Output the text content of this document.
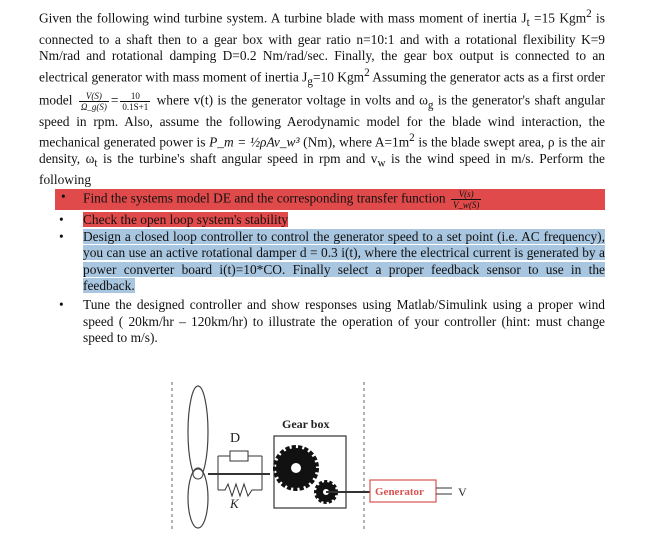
Given the following wind turbine system. A turbine blade with mass moment of inertia $J_t =15$ Kgm$^2$ is connected to a shaft then to a gear box with gear ratio n=10:1 and with a rotational flexibility K=9 Nm/rad and rotational damping D=0.2 Nm/rad/sec. Finally, the gear box output is connected to an electrical generator with mass moment of inertia $J_g=10$ Kgm$^2$ Assuming the generator acts as a first order model $\frac{V(S)}{\Omega\_g(S)} = \frac{10}{0.1S+1}$ where v(t) is the generator voltage in volts and $\omega_g$ is the generator's shaft angular speed in rpm. Also, assume the following Aerodynamic model for the blade wind interaction, the mechanical generated power is P_m = ½ρAv_w³ (Nm), where $A=1m^2$ is the blade swept area, ρ is the air density, $\omega_t$ is the turbine's shaft angular speed in rpm and $v_w$ is the wind speed in m/s. Perform the following

• Find the systems model DE and the corresponding transfer function $\frac{V(s)}{V\_w(S)}$
• Check the open loop system's stability
• Design a closed loop controller to control the generator speed to a set point (i.e. AC frequency), you can use an active rotational damper d = 0.3 i(t), where the electrical current is generated by a power converter board i(t)=10*CO. Finally select a proper feedback sensor to use in the feedback.
• Tune the designed controller and show responses using Matlab/Simulink using a proper wind speed ( 20km/hr – 120km/hr) to illustrate the operation of your controller (hint: must change speed to m/s).
D
K
Gear box
Generator	V
